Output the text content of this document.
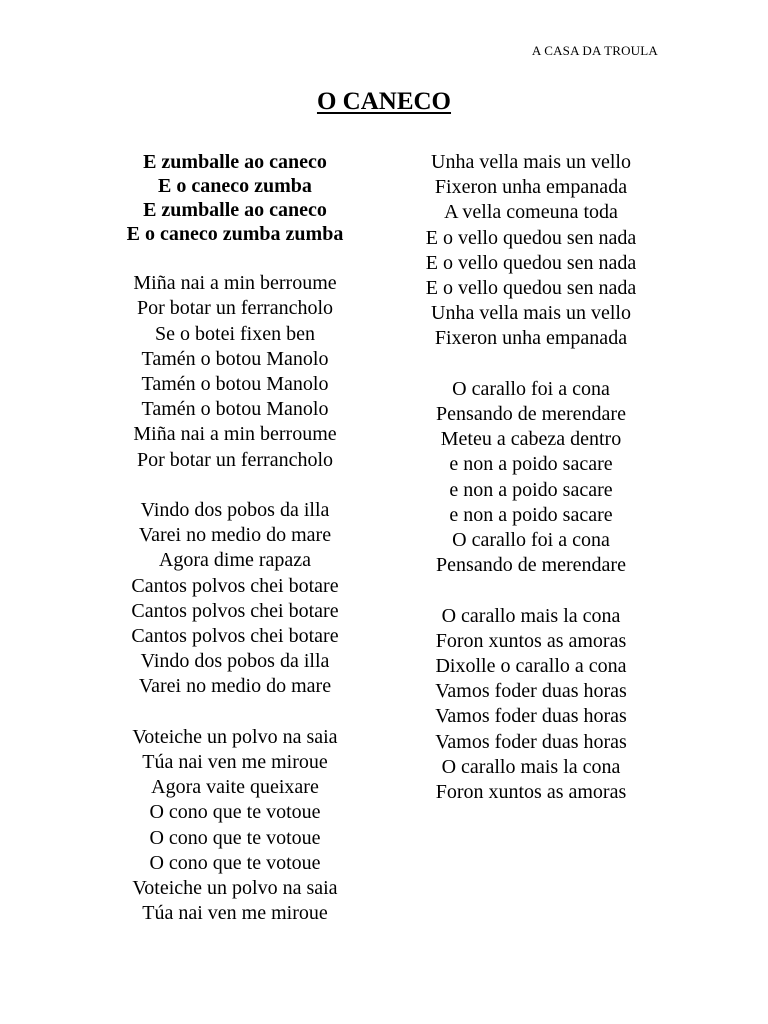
A CASA DA TROULA
O CANECO
E zumballe ao caneco
E o caneco zumba
E zumballe ao caneco
E o caneco zumba zumba
Miña nai a min berroume
Por botar un ferrancholo
Se o botei fixen ben
Tamén o botou Manolo
Tamén o botou Manolo
Tamén o botou Manolo
Miña nai a min berroume
Por botar un ferrancholo
Vindo dos pobos da illa
Varei no medio do mare
Agora dime rapaza
Cantos polvos chei botare
Cantos polvos chei botare
Cantos polvos chei botare
Vindo dos pobos da illa
Varei no medio do mare
Voteiche un polvo na saia
Túa nai ven me miroue
Agora vaite queixare
O cono que te votoue
O cono que te votoue
O cono que te votoue
Voteiche un polvo na saia
Túa nai ven me miroue
Unha vella mais un vello
Fixeron unha empanada
A vella comeuna toda
E o vello quedou sen nada
E o vello quedou sen nada
E o vello quedou sen nada
Unha vella mais un vello
Fixeron unha empanada
O carallo foi a cona
Pensando de merendare
Meteu a cabeza dentro
e non a poido sacare
e non a poido sacare
e non a poido sacare
O carallo foi a cona
Pensando de merendare
O carallo mais la cona
Foron xuntos as amoras
Dixolle o carallo a cona
Vamos foder duas horas
Vamos foder duas horas
Vamos foder duas horas
O carallo mais la cona
Foron xuntos as amoras
